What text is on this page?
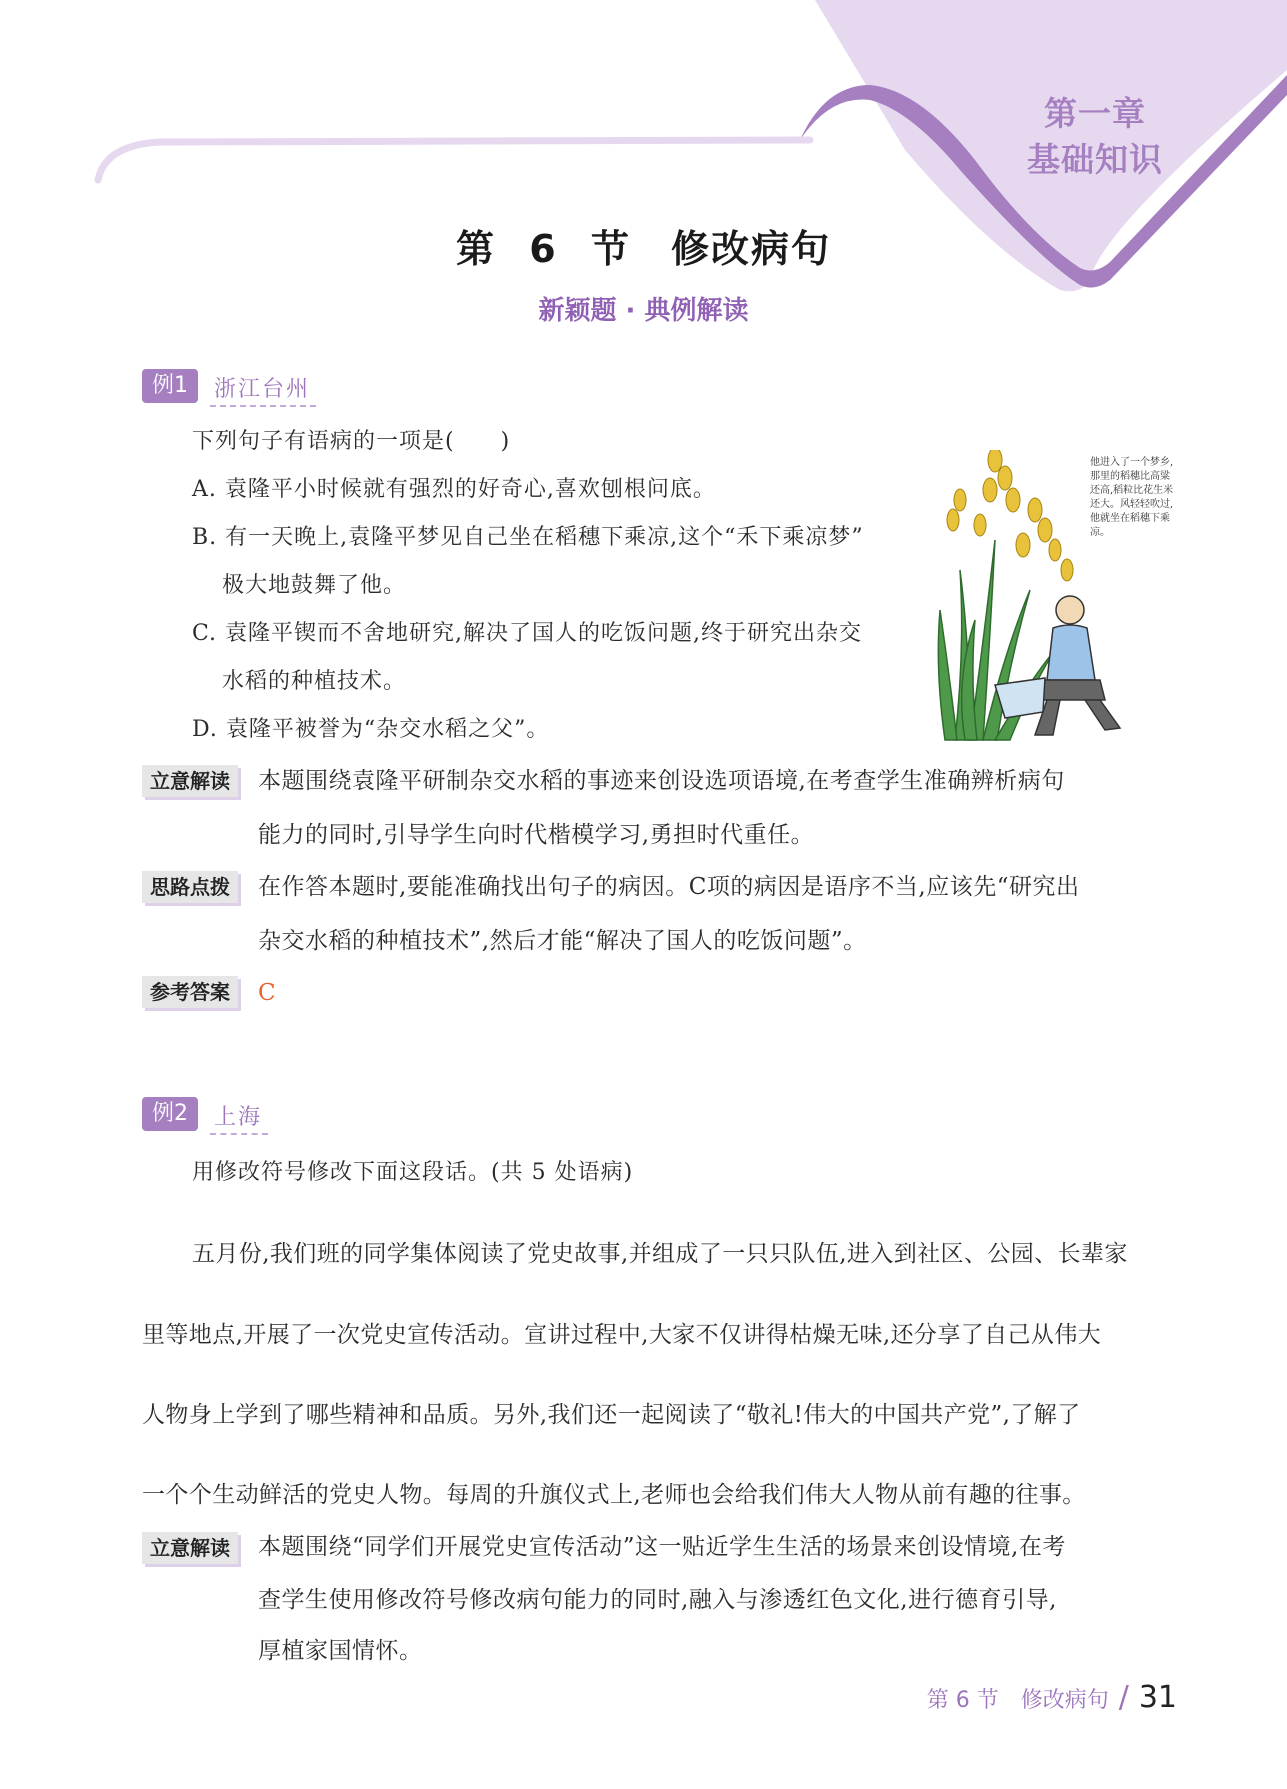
第一章
基础知识
第 6 节　修改病句
新颖题 · 典例解读
例1	浙江台州
下列句子有语病的一项是(　　)
A. 袁隆平小时候就有强烈的好奇心,喜欢刨根问底。
B. 有一天晚上,袁隆平梦见自己坐在稻穗下乘凉,这个“禾下乘凉梦”
极大地鼓舞了他。
C. 袁隆平锲而不舍地研究,解决了国人的吃饭问题,终于研究出杂交
水稻的种植技术。
D. 袁隆平被誉为“杂交水稻之父”。
他进入了一个梦乡,那里的稻穗比高粱还高,稻粒比花生米还大。风轻轻吹过,他就坐在稻穗下乘凉。
立意解读	本题围绕袁隆平研制杂交水稻的事迹来创设选项语境,在考查学生准确辨析病句
能力的同时,引导学生向时代楷模学习,勇担时代重任。
思路点拨	在作答本题时,要能准确找出句子的病因。C项的病因是语序不当,应该先“研究出
杂交水稻的种植技术”,然后才能“解决了国人的吃饭问题”。
参考答案	C
例2	上海
用修改符号修改下面这段话。(共 5 处语病)
五月份,我们班的同学集体阅读了党史故事,并组成了一只只队伍,进入到社区、公园、长辈家
里等地点,开展了一次党史宣传活动。宣讲过程中,大家不仅讲得枯燥无味,还分享了自己从伟大
人物身上学到了哪些精神和品质。另外,我们还一起阅读了“敬礼!伟大的中国共产党”,了解了
一个个生动鲜活的党史人物。每周的升旗仪式上,老师也会给我们伟大人物从前有趣的往事。
立意解读	本题围绕“同学们开展党史宣传活动”这一贴近学生生活的场景来创设情境,在考
查学生使用修改符号修改病句能力的同时,融入与渗透红色文化,进行德育引导,
厚植家国情怀。
第 6 节　修改病句 / 31
